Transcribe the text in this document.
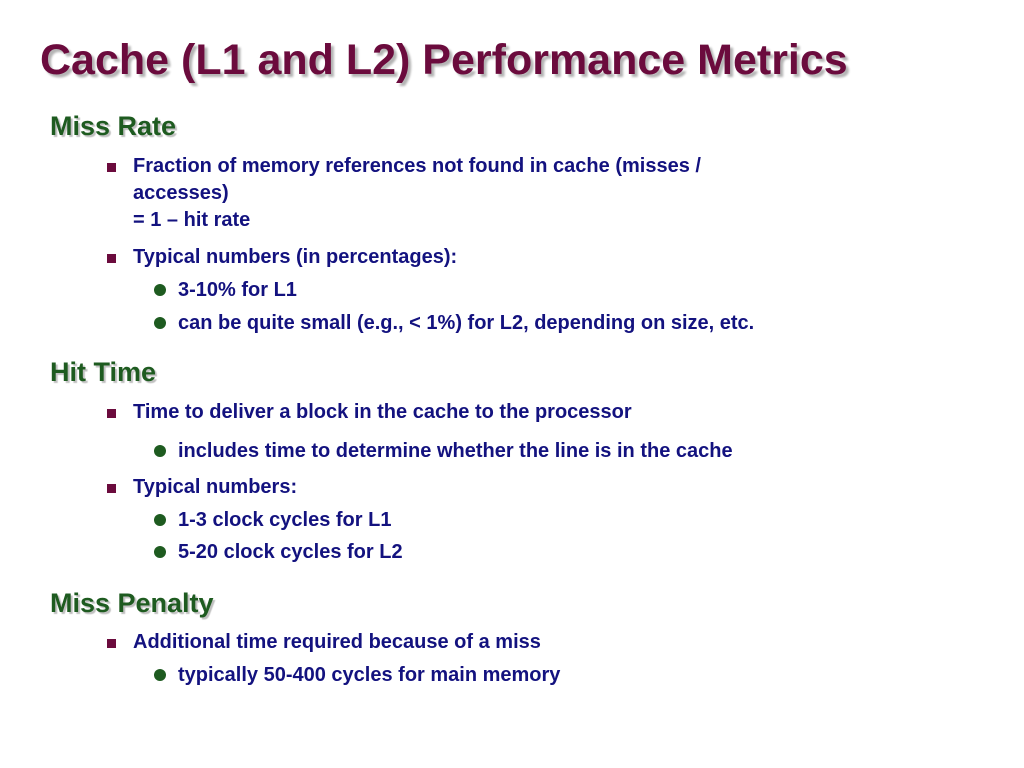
Cache (L1 and L2) Performance Metrics
Miss Rate
Fraction of memory references not found in cache (misses /
accesses)
= 1 – hit rate
Typical numbers (in percentages):
3-10% for L1
can be quite small (e.g., < 1%) for L2, depending on size, etc.
Hit Time
Time to deliver a block in the cache to the processor
includes time to determine whether the line is in the cache
Typical numbers:
1-3 clock cycles for L1
5-20 clock cycles for L2
Miss Penalty
Additional time required because of a miss
typically 50-400 cycles for main memory
